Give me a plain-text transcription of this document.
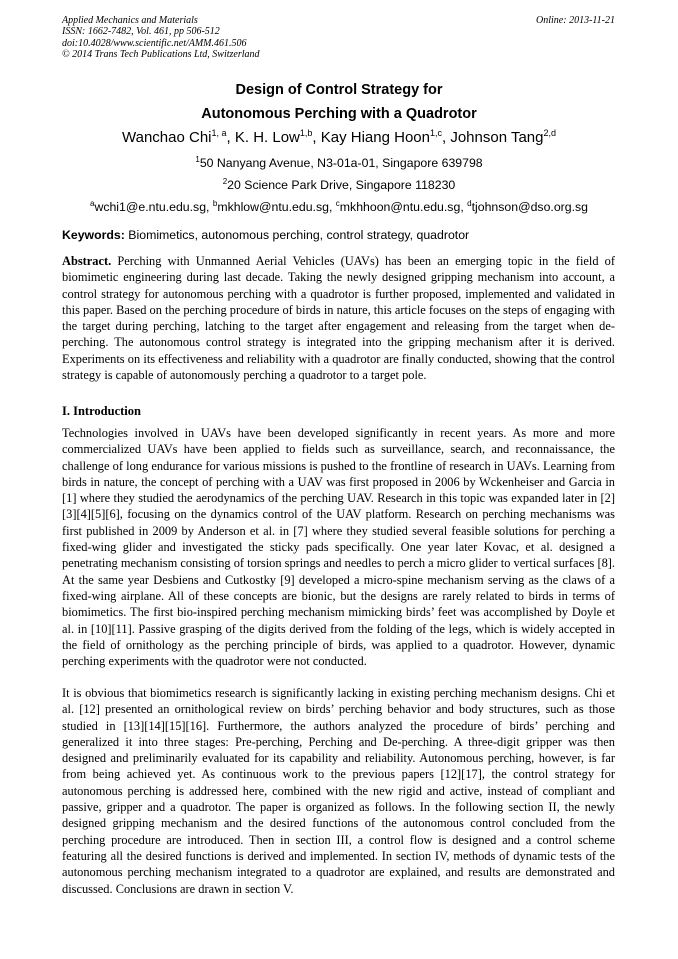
Applied Mechanics and Materials
ISSN: 1662-7482, Vol. 461, pp 506-512
doi:10.4028/www.scientific.net/AMM.461.506
© 2014 Trans Tech Publications Ltd, Switzerland
Online: 2013-11-21
Design of Control Strategy for
Autonomous Perching with a Quadrotor
Wanchao Chi$^{1, a}$, K. H. Low$^{1,b}$, Kay Hiang Hoon$^{1,c}$, Johnson Tang$^{2,d}$
$^1$50 Nanyang Avenue, N3-01a-01, Singapore 639798
$^2$20 Science Park Drive, Singapore 118230
$^a$wchi1@e.ntu.edu.sg, $^b$mkhlow@ntu.edu.sg, $^c$mkhhoon@ntu.edu.sg, $^d$tjohnson@dso.org.sg
Keywords: Biomimetics, autonomous perching, control strategy, quadrotor
Abstract. Perching with Unmanned Aerial Vehicles (UAVs) has been an emerging topic in the field of biomimetic engineering during last decade. Taking the newly designed gripping mechanism into account, a control strategy for autonomous perching with a quadrotor is further proposed, implemented and validated in this paper. Based on the perching procedure of birds in nature, this article focuses on the steps of engaging with the target during perching, latching to the target after engagement and releasing from the target when de-perching. The autonomous control strategy is integrated into the gripping mechanism after it is derived. Experiments on its effectiveness and reliability with a quadrotor are finally conducted, showing that the control strategy is capable of autonomously perching a quadrotor to a target pole.
I. Introduction
Technologies involved in UAVs have been developed significantly in recent years. As more and more commercialized UAVs have been applied to fields such as surveillance, search, and reconnaissance, the challenge of long endurance for various missions is pushed to the frontline of research in UAVs. Learning from birds in nature, the concept of perching with a UAV was first proposed in 2006 by Wckenheiser and Garcia in [1] where they studied the aerodynamics of the perching UAV. Research in this topic was expanded later in [2][3][4][5][6], focusing on the dynamics control of the UAV platform. Research on perching mechanisms was first published in 2009 by Anderson et al. in [7] where they studied several feasible solutions for perching a fixed-wing glider and investigated the sticky pads specifically. One year later Kovac, et al. designed a penetrating mechanism consisting of torsion springs and needles to perch a micro glider to vertical surfaces [8]. At the same year Desbiens and Cutkostky [9] developed a micro-spine mechanism serving as the claws of a fixed-wing airplane. All of these concepts are bionic, but the designs are rarely related to birds in terms of biomimetics. The first bio-inspired perching mechanism mimicking birds’ feet was accomplished by Doyle et al. in [10][11]. Passive grasping of the digits derived from the folding of the legs, which is widely accepted in the field of ornithology as the perching principle of birds, was applied to a quadrotor. However, dynamic perching experiments with the quadrotor were not conducted.
It is obvious that biomimetics research is significantly lacking in existing perching mechanism designs. Chi et al. [12] presented an ornithological review on birds’ perching behavior and body structures, such as those studied in [13][14][15][16]. Furthermore, the authors analyzed the procedure of birds’ perching and generalized it into three stages: Pre-perching, Perching and De-perching. A three-digit gripper was then designed and preliminarily evaluated for its capability and reliability. Autonomous perching, however, is far from being achieved yet. As continuous work to the previous papers [12][17], the control strategy for autonomous perching is addressed here, combined with the new rigid and active, instead of compliant and passive, gripper and a quadrotor. The paper is organized as follows. In the following section II, the newly designed gripping mechanism and the desired functions of the autonomous control concluded from the perching procedure are introduced. Then in section III, a control flow is designed and a control scheme featuring all the desired functions is derived and implemented. In section IV, methods of dynamic tests of the autonomous perching mechanism integrated to a quadrotor are explained, and results are demonstrated and discussed. Conclusions are drawn in section V.
